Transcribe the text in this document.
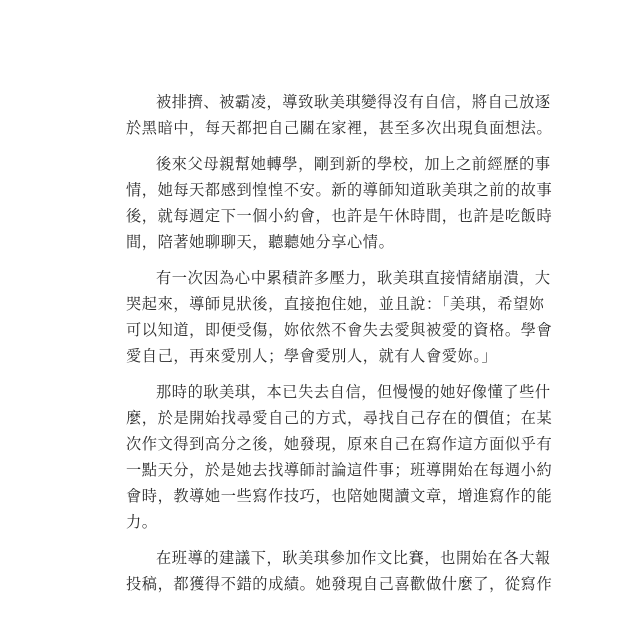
被排擠、被霸凌，導致耿美琪變得沒有自信，將自己放逐
於黑暗中，每天都把自己關在家裡，甚至多次出現負面想法。
後來父母親幫她轉學，剛到新的學校，加上之前經歷的事
情，她每天都感到惶惶不安。新的導師知道耿美琪之前的故事
後，就每週定下一個小約會，也許是午休時間，也許是吃飯時
間，陪著她聊聊天，聽聽她分享心情。
有一次因為心中累積許多壓力，耿美琪直接情緒崩潰，大
哭起來，導師見狀後，直接抱住她，並且說：「美琪，希望妳
可以知道，即便受傷，妳依然不會失去愛與被愛的資格。學會
愛自己，再來愛別人；學會愛別人，就有人會愛妳。」
那時的耿美琪，本已失去自信，但慢慢的她好像懂了些什
麼，於是開始找尋愛自己的方式，尋找自己存在的價值；在某
次作文得到高分之後，她發現，原來自己在寫作這方面似乎有
一點天分，於是她去找導師討論這件事；班導開始在每週小約
會時，教導她一些寫作技巧，也陪她閱讀文章，增進寫作的能
力。
在班導的建議下，耿美琪參加作文比賽，也開始在各大報
投稿，都獲得不錯的成績。她發現自己喜歡做什麼了，從寫作
